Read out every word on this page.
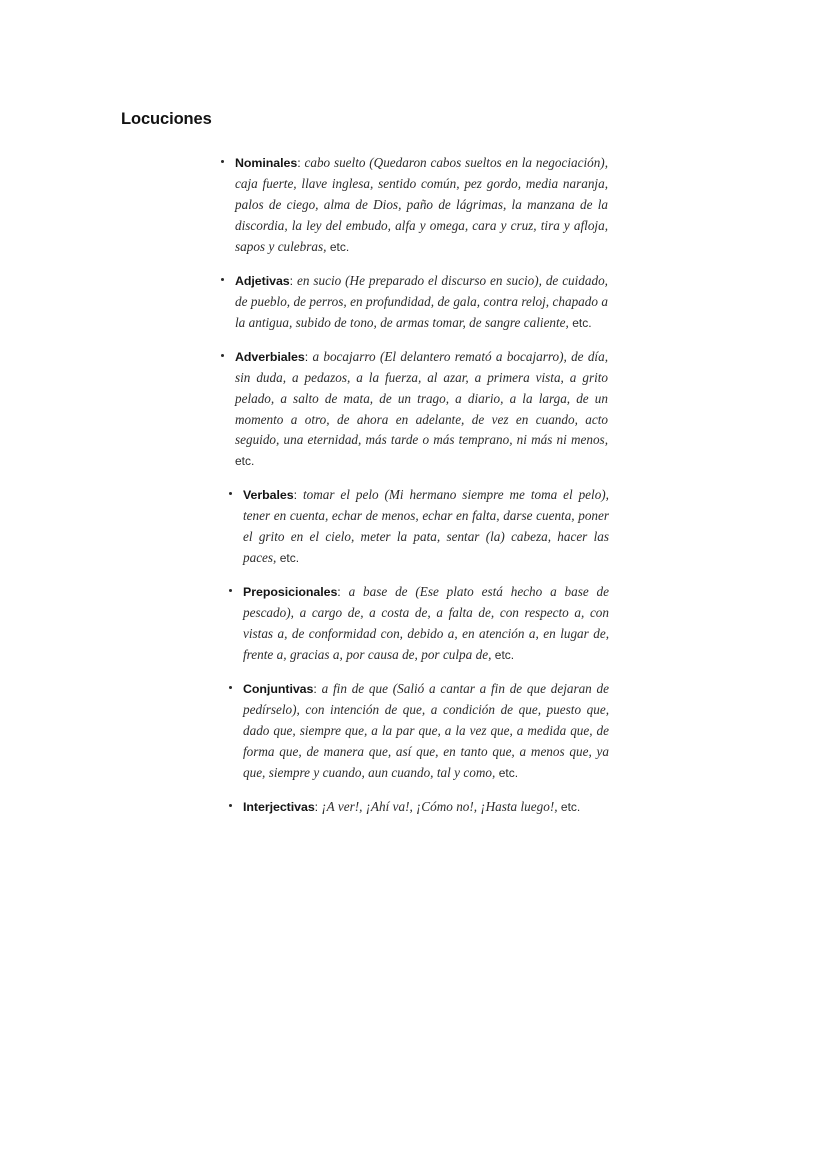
Locuciones

Nominales: cabo suelto (Quedaron cabos sueltos en la negociación), caja fuerte, llave inglesa, sentido común, pez gordo, media naranja, palos de ciego, alma de Dios, paño de lágrimas, la manzana de la discordia, la ley del embudo, alfa y omega, cara y cruz, tira y afloja, sapos y culebras, etc.

Adjetivas: en sucio (He preparado el discurso en sucio), de cuidado, de pueblo, de perros, en profundidad, de gala, contra reloj, chapado a la antigua, subido de tono, de armas tomar, de sangre caliente, etc.

Adverbiales: a bocajarro (El delantero remató a bocajarro), de día, sin duda, a pedazos, a la fuerza, al azar, a primera vista, a grito pelado, a salto de mata, de un trago, a diario, a la larga, de un momento a otro, de ahora en adelante, de vez en cuando, acto seguido, una eternidad, más tarde o más temprano, ni más ni menos, etc.

Verbales: tomar el pelo (Mi hermano siempre me toma el pelo), tener en cuenta, echar de menos, echar en falta, darse cuenta, poner el grito en el cielo, meter la pata, sentar (la) cabeza, hacer las paces, etc.

Preposicionales: a base de (Ese plato está hecho a base de pescado), a cargo de, a costa de, a falta de, con respecto a, con vistas a, de conformidad con, debido a, en atención a, en lugar de, frente a, gracias a, por causa de, por culpa de, etc.

Conjuntivas: a fin de que (Salió a cantar a fin de que dejaran de pedírselo), con intención de que, a condición de que, puesto que, dado que, siempre que, a la par que, a la vez que, a medida que, de forma que, de manera que, así que, en tanto que, a menos que, ya que, siempre y cuando, aun cuando, tal y como, etc.

Interjectivas: ¡A ver!, ¡Ahí va!, ¡Cómo no!, ¡Hasta luego!, etc.
